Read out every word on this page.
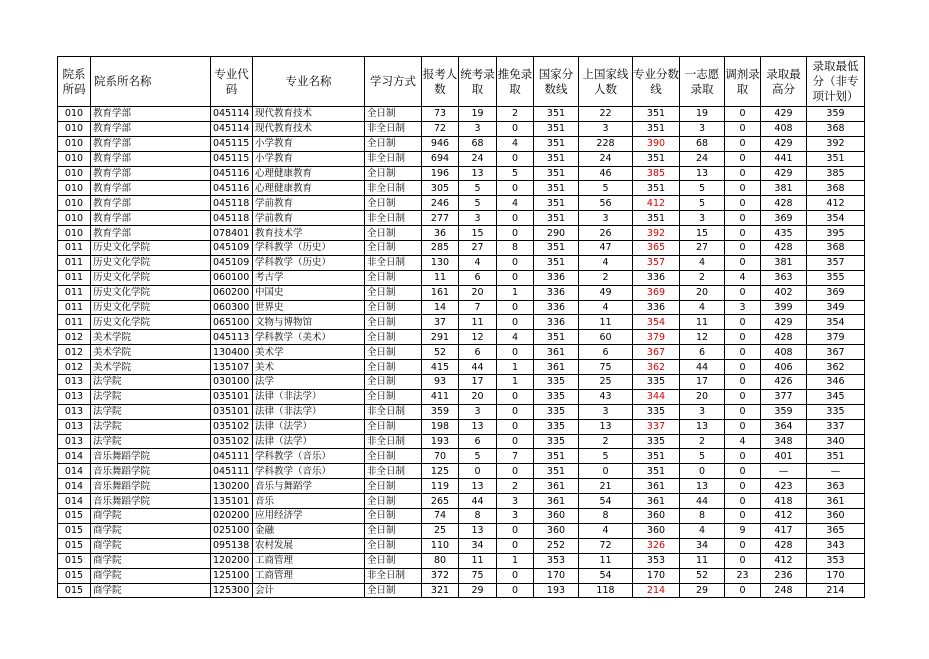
院系所码	院系所名称	专业代码	专业名称	学习方式	报考人数	统考录取	推免录取	国家分数线	上国家线人数	专业分数线	一志愿录取	调剂录取	录取最高分	录取最低分（非专项计划）
010	教育学部	045114	现代教育技术	全日制	73	19	2	351	22	351	19	0	429	359
010	教育学部	045114	现代教育技术	非全日制	72	3	0	351	3	351	3	0	408	368
010	教育学部	045115	小学教育	全日制	946	68	4	351	228	390	68	0	429	392
010	教育学部	045115	小学教育	非全日制	694	24	0	351	24	351	24	0	441	351
010	教育学部	045116	心理健康教育	全日制	196	13	5	351	46	385	13	0	429	385
010	教育学部	045116	心理健康教育	非全日制	305	5	0	351	5	351	5	0	381	368
010	教育学部	045118	学前教育	全日制	246	5	4	351	56	412	5	0	428	412
010	教育学部	045118	学前教育	非全日制	277	3	0	351	3	351	3	0	369	354
010	教育学部	078401	教育技术学	全日制	36	15	0	290	26	392	15	0	435	395
011	历史文化学院	045109	学科教学（历史）	全日制	285	27	8	351	47	365	27	0	428	368
011	历史文化学院	045109	学科教学（历史）	非全日制	130	4	0	351	4	357	4	0	381	357
011	历史文化学院	060100	考古学	全日制	11	6	0	336	2	336	2	4	363	355
011	历史文化学院	060200	中国史	全日制	161	20	1	336	49	369	20	0	402	369
011	历史文化学院	060300	世界史	全日制	14	7	0	336	4	336	4	3	399	349
011	历史文化学院	065100	文物与博物馆	全日制	37	11	0	336	11	354	11	0	429	354
012	美术学院	045113	学科教学（美术）	全日制	291	12	4	351	60	379	12	0	428	379
012	美术学院	130400	美术学	全日制	52	6	0	361	6	367	6	0	408	367
012	美术学院	135107	美术	全日制	415	44	1	361	75	362	44	0	406	362
013	法学院	030100	法学	全日制	93	17	1	335	25	335	17	0	426	346
013	法学院	035101	法律（非法学）	全日制	411	20	0	335	43	344	20	0	377	345
013	法学院	035101	法律（非法学）	非全日制	359	3	0	335	3	335	3	0	359	335
013	法学院	035102	法律（法学）	全日制	198	13	0	335	13	337	13	0	364	337
013	法学院	035102	法律（法学）	非全日制	193	6	0	335	2	335	2	4	348	340
014	音乐舞蹈学院	045111	学科教学（音乐）	全日制	70	5	7	351	5	351	5	0	401	351
014	音乐舞蹈学院	045111	学科教学（音乐）	非全日制	125	0	0	351	0	351	0	0	—	—
014	音乐舞蹈学院	130200	音乐与舞蹈学	全日制	119	13	2	361	21	361	13	0	423	363
014	音乐舞蹈学院	135101	音乐	全日制	265	44	3	361	54	361	44	0	418	361
015	商学院	020200	应用经济学	全日制	74	8	3	360	8	360	8	0	412	360
015	商学院	025100	金融	全日制	25	13	0	360	4	360	4	9	417	365
015	商学院	095138	农村发展	全日制	110	34	0	252	72	326	34	0	428	343
015	商学院	120200	工商管理	全日制	80	11	1	353	11	353	11	0	412	353
015	商学院	125100	工商管理	非全日制	372	75	0	170	54	170	52	23	236	170
015	商学院	125300	会计	全日制	321	29	0	193	118	214	29	0	248	214
